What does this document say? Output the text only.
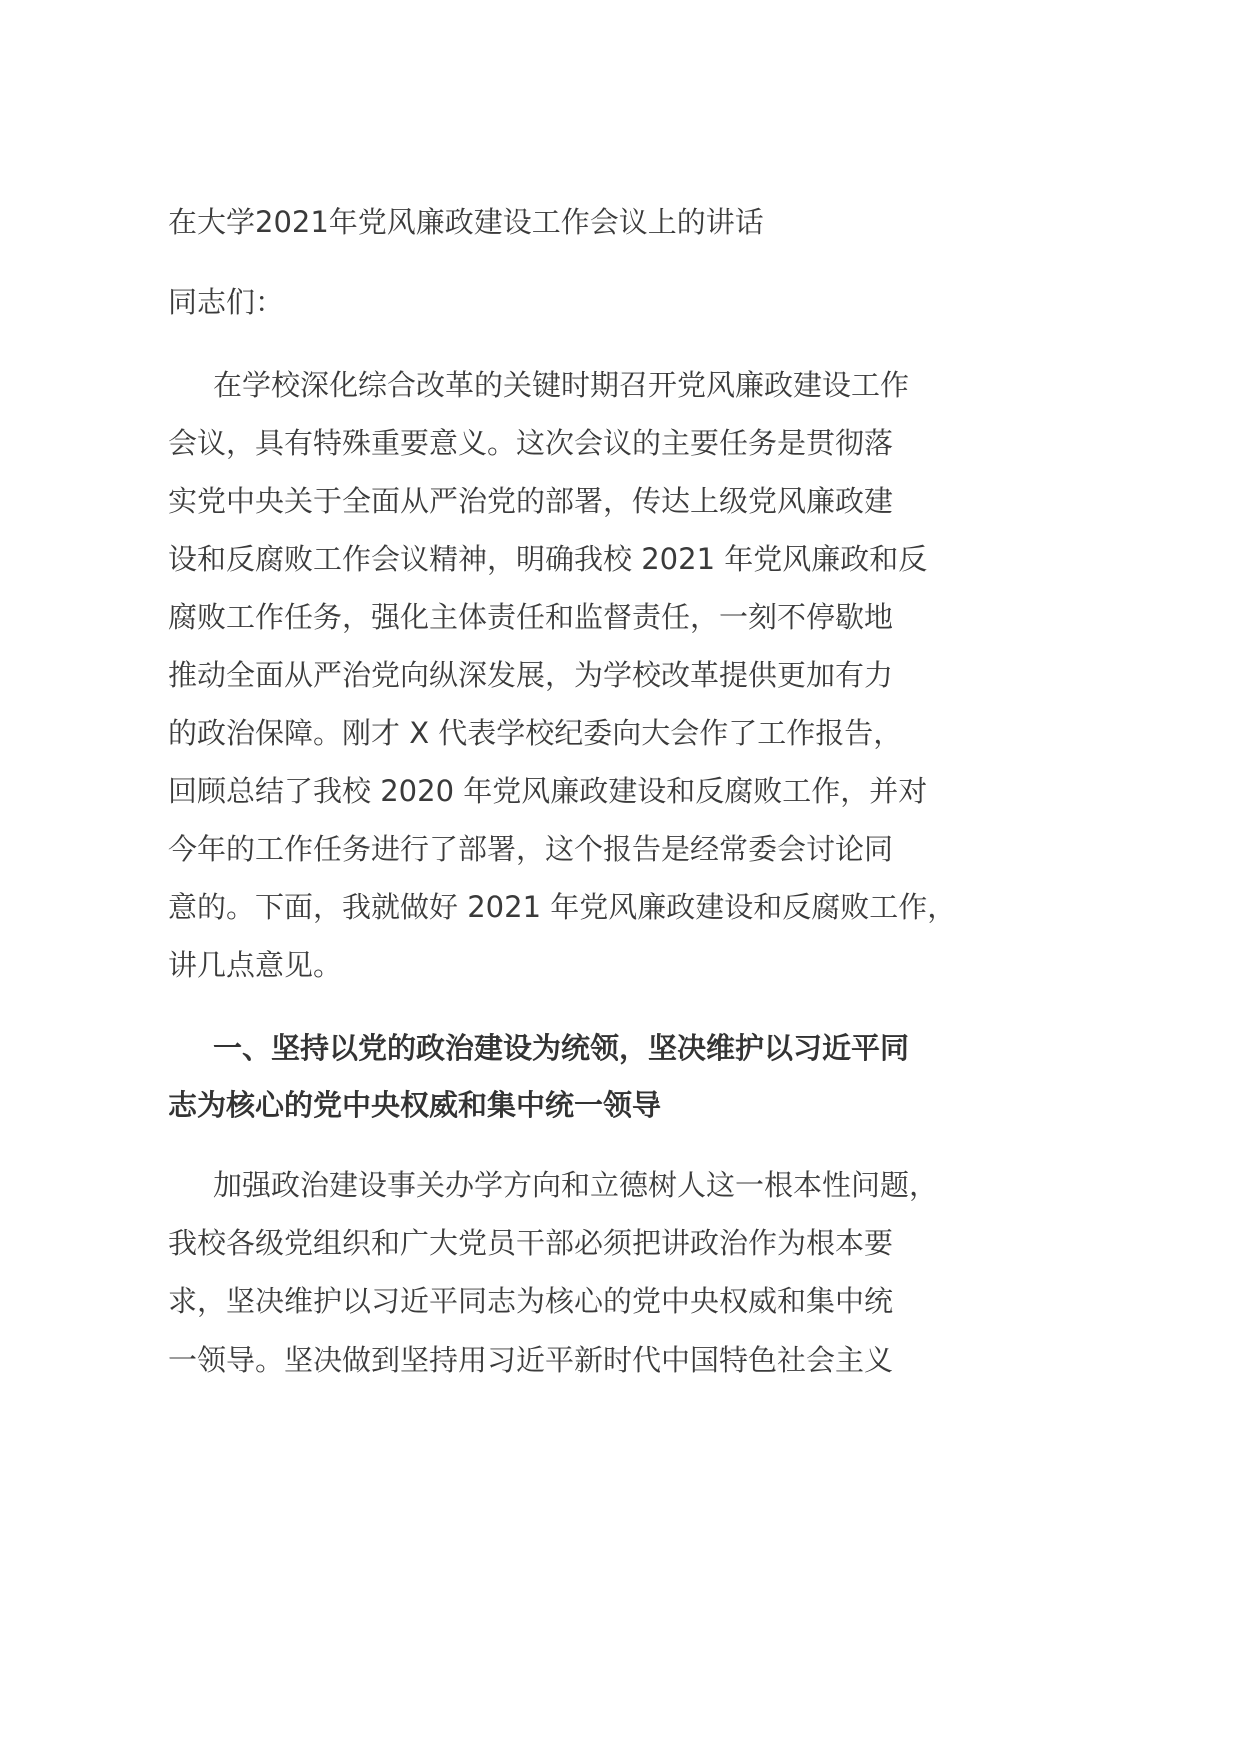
在大学2021年党风廉政建设工作会议上的讲话
同志们：
在学校深化综合改革的关键时期召开党风廉政建设工作
会议，具有特殊重要意义。这次会议的主要任务是贯彻落
实党中央关于全面从严治党的部署，传达上级党风廉政建
设和反腐败工作会议精神，明确我校 2021 年党风廉政和反
腐败工作任务，强化主体责任和监督责任，一刻不停歇地
推动全面从严治党向纵深发展，为学校改革提供更加有力
的政治保障。刚才 X 代表学校纪委向大会作了工作报告，
回顾总结了我校 2020 年党风廉政建设和反腐败工作，并对
今年的工作任务进行了部署，这个报告是经常委会讨论同
意的。下面，我就做好 2021 年党风廉政建设和反腐败工作，
讲几点意见。
一、坚持以党的政治建设为统领，坚决维护以习近平同
志为核心的党中央权威和集中统一领导
加强政治建设事关办学方向和立德树人这一根本性问题，
我校各级党组织和广大党员干部必须把讲政治作为根本要
求，坚决维护以习近平同志为核心的党中央权威和集中统
一领导。坚决做到坚持用习近平新时代中国特色社会主义
